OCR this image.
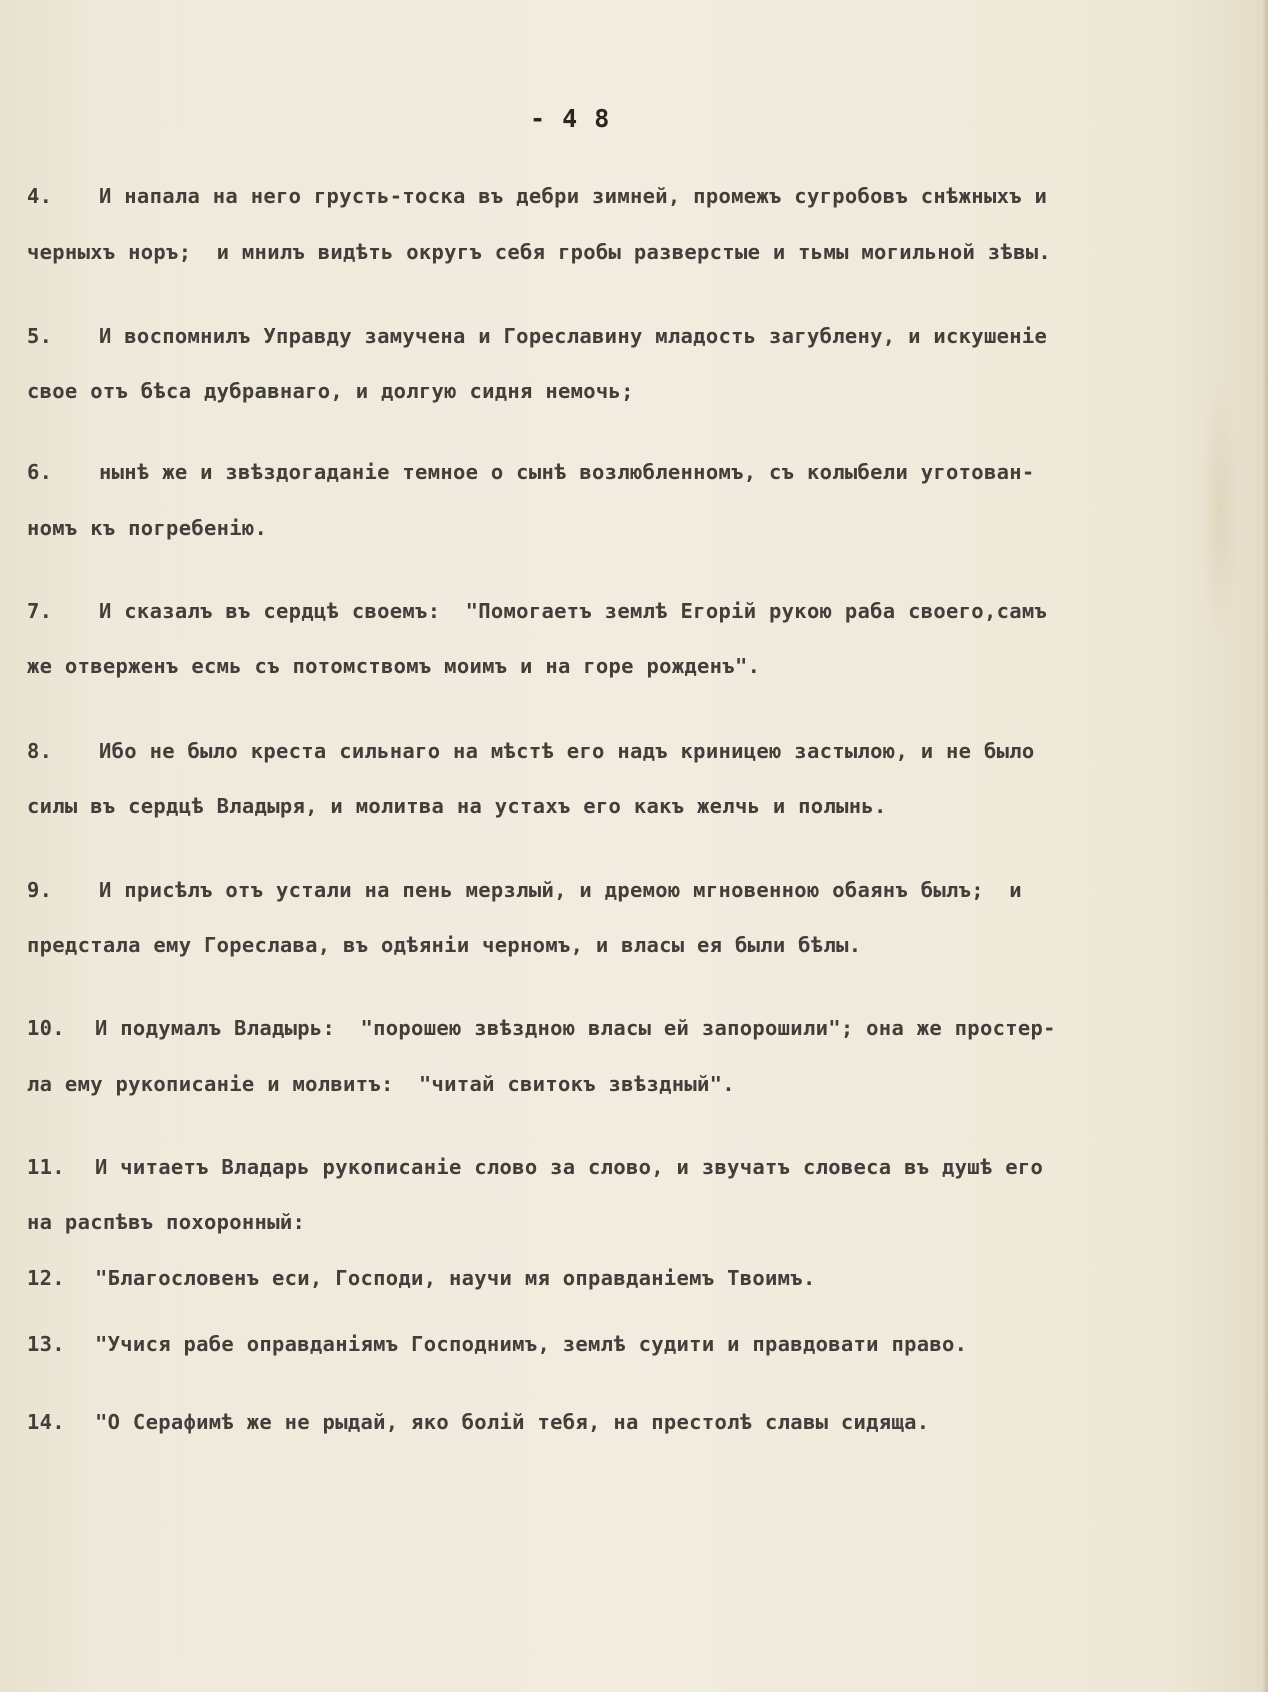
- 4 8
4. И напала на него грусть-тоска въ дебри зимней, промежъ сугробовъ снѣжныхъ и
черныхъ норъ;  и мнилъ видѣть округъ себя гробы разверстые и тьмы могильной зѣвы.
5. И воспомнилъ Управду замучена и Гореславину младость загублену, и искушенiе
свое отъ бѣса дубравнаго, и долгую сидня немочь;
6. нынѣ же и звѣздогаданiе темное о сынѣ возлюбленномъ, съ колыбели уготован-
номъ къ погребенiю.
7. И сказалъ въ сердцѣ своемъ:  "Помогаетъ землѣ Егорiй рукою раба своего,самъ
же отверженъ есмь съ потомствомъ моимъ и на горе рожденъ".
8. Ибо не было креста сильнаго на мѣстѣ его надъ криницею застылою, и не было
силы въ сердцѣ Владыря, и молитва на устахъ его какъ желчь и полынь.
9. И присѣлъ отъ устали на пень мерзлый, и дремою мгновенною обаянъ былъ;  и
предстала ему Гореслава, въ одѣянiи черномъ, и власы ея были бѣлы.
10. И подумалъ Владырь:  "порошею звѣздною власы ей запорошили"; она же простер-
ла ему рукописанiе и молвитъ:  "читай свитокъ звѣздный".
11. И читаетъ Владарь рукописанiе слово за слово, и звучатъ словеса въ душѣ его
на распѣвъ похоронный:
12. "Благословенъ еси, Господи, научи мя оправданiемъ Твоимъ.
13. "Учися рабе оправданiямъ Господнимъ, землѣ судити и правдовати право.
14. "О Серафимѣ же не рыдай, яко болiй тебя, на престолѣ славы сидяща.
